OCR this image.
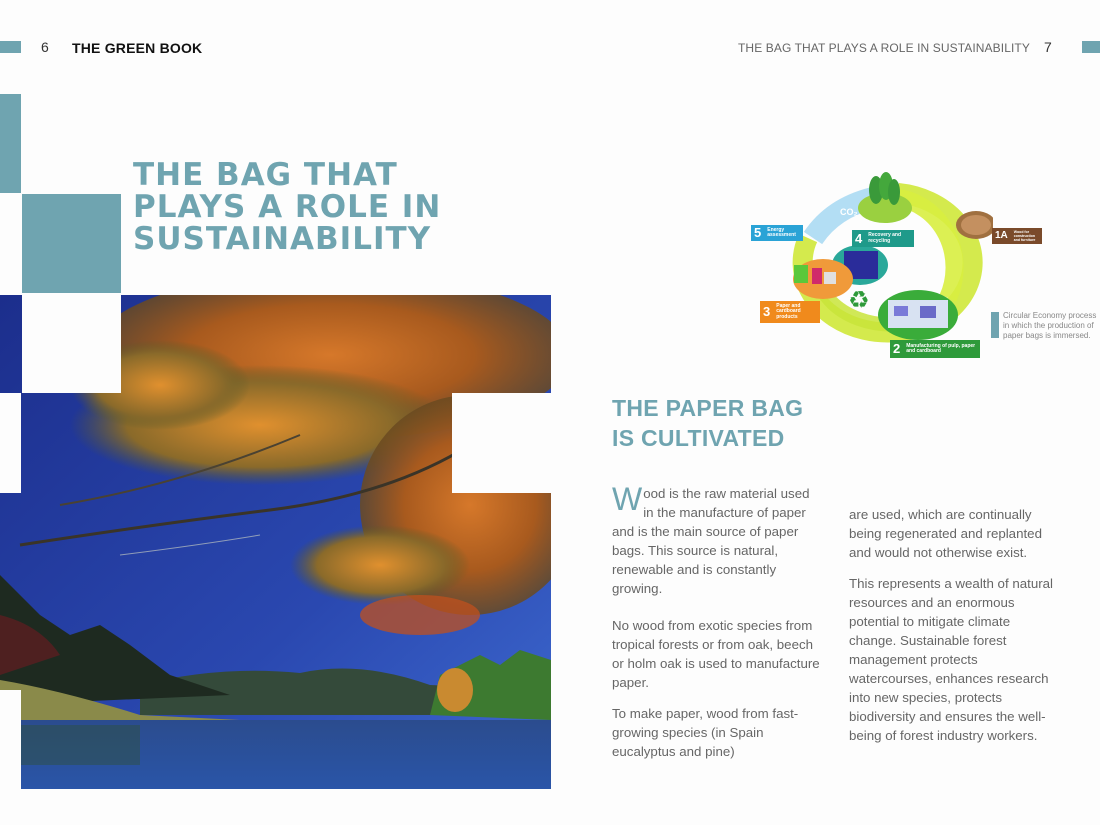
6 THE GREEN BOOK	THE BAG THAT PLAYS A ROLE IN SUSTAINABILITY 7
THE BAG THAT
PLAYS A ROLE IN
SUSTAINABILITY
CO₂
♻
5	Energy assessment	4	Recovery and recycling
3	Paper and cardboard products
2	Manufacturing of pulp, paper and cardboard
1A	Wood for construction and furniture
Circular Economy process in which the production of paper bags is immersed.
THE PAPER BAG
IS CULTIVATED

Wood is the raw material used in the manufacture of paper and is the main source of paper bags. This source is natural, renewable and is constantly growing.

No wood from exotic species from tropical forests or from oak, beech or holm oak is used to manufacture paper.

To make paper, wood from fast-growing species (in Spain eucalyptus and pine)

are used, which are continually being regenerated and replanted and would not otherwise exist.

This represents a wealth of natural resources and an enormous potential to mitigate climate change. Sustainable forest management protects watercourses, enhances research into new species, protects biodiversity and ensures the well-being of forest industry workers.
